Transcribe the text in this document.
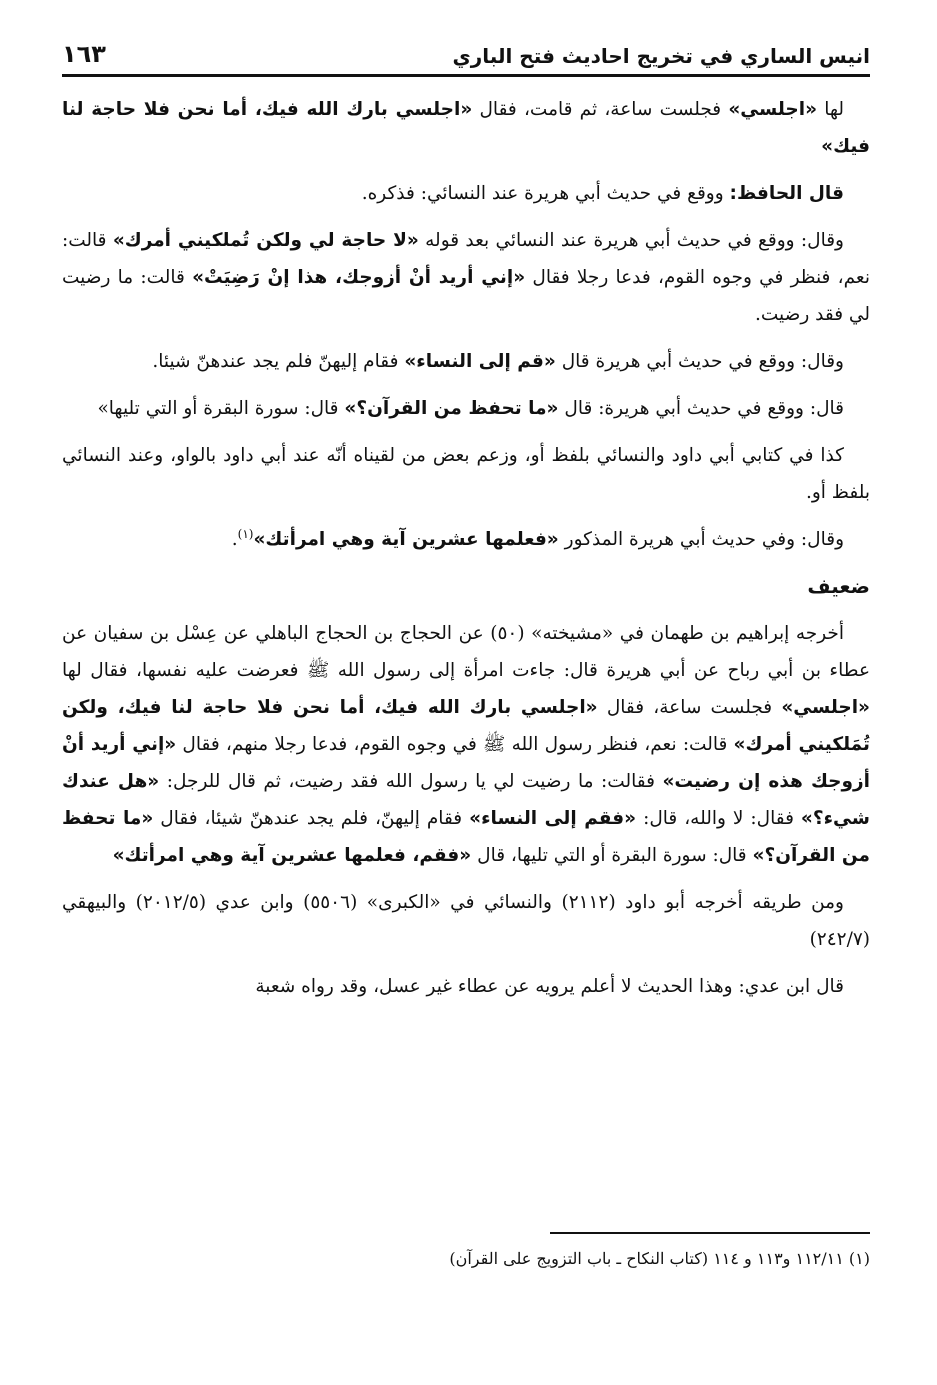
انيس الساري في تخريج احاديث فتح الباري
١٦٣

لها «اجلسي» فجلست ساعة، ثم قامت، فقال «اجلسي بارك الله فيك، أما نحن فلا حاجة لنا فيك»

قال الحافظ: ووقع في حديث أبي هريرة عند النسائي: فذكره.

وقال: ووقع في حديث أبي هريرة عند النسائي بعد قوله «لا حاجة لي ولكن تُملكيني أمرك» قالت: نعم، فنظر في وجوه القوم، فدعا رجلا فقال «إني أريد أنْ أزوجك، هذا إنْ رَضِيَتْ» قالت: ما رضيت لي فقد رضيت.

وقال: ووقع في حديث أبي هريرة قال «قم إلى النساء» فقام إليهنّ فلم يجد عندهنّ شيئا.

قال: ووقع في حديث أبي هريرة: قال «ما تحفظ من القرآن؟» قال: سورة البقرة أو التي تليها»

كذا في كتابي أبي داود والنسائي بلفظ أو، وزعم بعض من لقيناه أنّه عند أبي داود بالواو، وعند النسائي بلفظ أو.

وقال: وفي حديث أبي هريرة المذكور «فعلمها عشرين آية وهي امرأتك»$^{(١)}$.

ضعيف

أخرجه إبراهيم بن طهمان في «مشيخته» (٥٠) عن الحجاج بن الحجاج الباهلي عن عِسْل بن سفيان عن عطاء بن أبي رباح عن أبي هريرة قال: جاءت امرأة إلى رسول الله ﷺ فعرضت عليه نفسها، فقال لها «اجلسي» فجلست ساعة، فقال «اجلسي بارك الله فيك، أما نحن فلا حاجة لنا فيك، ولكن تُمَلكيني أمرك» قالت: نعم، فنظر رسول الله ﷺ في وجوه القوم، فدعا رجلا منهم، فقال «إني أريد أنْ أزوجك هذه إن رضيت» فقالت: ما رضيت لي يا رسول الله فقد رضيت، ثم قال للرجل: «هل عندك شيء؟» فقال: لا والله، قال: «فقم إلى النساء» فقام إليهنّ، فلم يجد عندهنّ شيئا، فقال «ما تحفظ من القرآن؟» قال: سورة البقرة أو التي تليها، قال «فقم، فعلمها عشرين آية وهي امرأتك»

ومن طريقه أخرجه أبو داود (٢١١٢) والنسائي في «الكبرى» (٥٥٠٦) وابن عدي (٢٠١٢/٥) والبيهقي (٢٤٢/٧)

قال ابن عدي: وهذا الحديث لا أعلم يرويه عن عطاء غير عسل، وقد رواه شعبة

(١) ١١٢/١١ و١١٣ و ١١٤ (كتاب النكاح ـ باب التزويج على القرآن)
